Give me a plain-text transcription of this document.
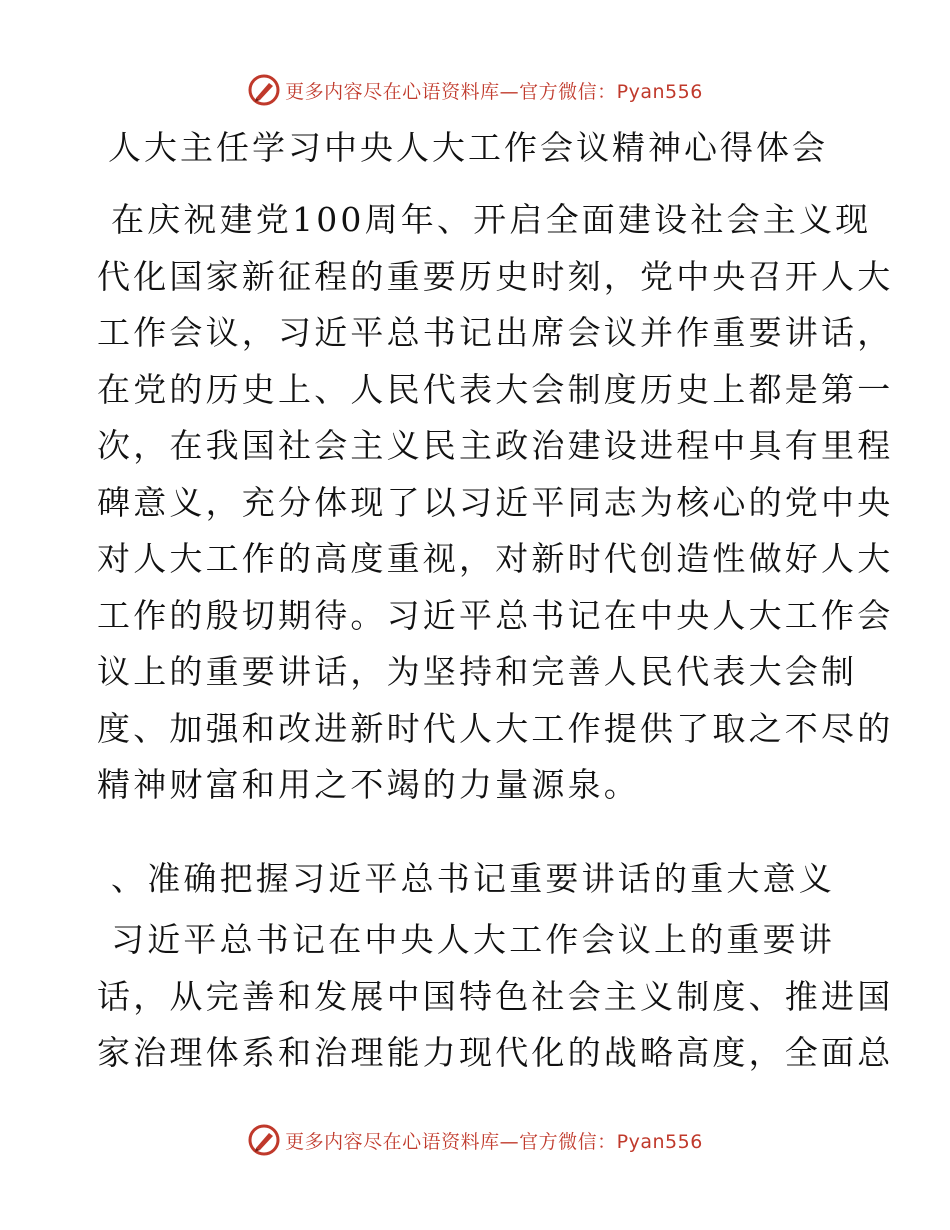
更多内容尽在心语资料库—官方微信：Pyan556
人大主任学习中央人大工作会议精神心得体会
在庆祝建党100周年、开启全面建设社会主义现
代化国家新征程的重要历史时刻，党中央召开人大
工作会议，习近平总书记出席会议并作重要讲话，
在党的历史上、人民代表大会制度历史上都是第一
次，在我国社会主义民主政治建设进程中具有里程
碑意义，充分体现了以习近平同志为核心的党中央
对人大工作的高度重视，对新时代创造性做好人大
工作的殷切期待。习近平总书记在中央人大工作会
议上的重要讲话，为坚持和完善人民代表大会制
度、加强和改进新时代人大工作提供了取之不尽的
精神财富和用之不竭的力量源泉。
、准确把握习近平总书记重要讲话的重大意义
习近平总书记在中央人大工作会议上的重要讲
话，从完善和发展中国特色社会主义制度、推进国
家治理体系和治理能力现代化的战略高度，全面总
更多内容尽在心语资料库—官方微信：Pyan556
